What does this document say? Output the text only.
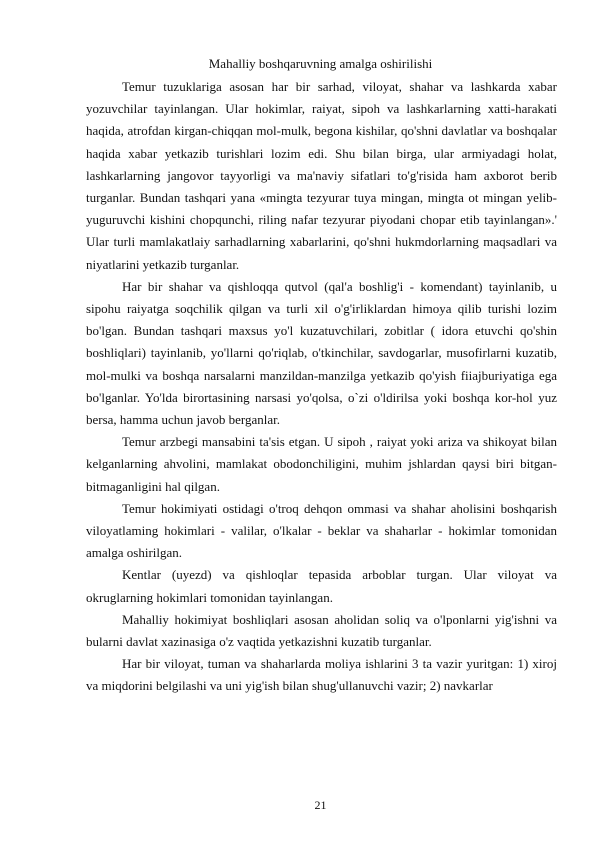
Mahalliy boshqaruvning amalga oshirilishi

Temur tuzuklariga asosan har bir sarhad, viloyat, shahar va lashkarda xabar yozuvchilar tayinlangan. Ular hokimlar, raiyat, sipoh va lashkarlarning xatti-harakati haqida, atrofdan kirgan-chiqqan mol-mulk, begona kishilar, qo'shni davlatlar va boshqalar haqida xabar yetkazib turishlari lozim edi. Shu bilan birga, ular armiyadagi holat, lashkarlarning jangovor tayyorligi va ma'naviy sifatlari to'g'risida ham axborot berib turganlar. Bundan tashqari yana «mingta tezyurar tuya mingan, mingta ot mingan yelib-yuguruvchi kishini chopqunchi, riling nafar tezyurar piyodani chopar etib tayinlangan».' Ular turli mamlakatlaiy sarhadlarning xabarlarini, qo'shni hukmdorlarning maqsadlari va niyatlarini yetkazib turganlar.

Har bir shahar va qishloqqa qutvol (qal'a boshlig'i - komendant) tayinlanib, u sipohu raiyatga soqchilik qilgan va turli xil o'g'irliklardan himoya qilib turishi lozim bo'lgan. Bundan tashqari maxsus yo'l kuzatuvchilari, zobitlar ( idora etuvchi qo'shin boshliqlari) tayinlanib, yo'llarni qo'riqlab, o'tkinchilar, savdogarlar, musofirlarni kuzatib, mol-mulki va boshqa narsalarni manzildan-manzilga yetkazib qo'yish fiiajburiyatiga ega bo'lganlar. Yo'lda birortasining narsasi yo'qolsa, o`zi o'ldirilsa yoki boshqa kor-hol yuz bersa, hamma uchun javob berganlar.

Temur arzbegi mansabini ta'sis etgan. U sipoh , raiyat yoki ariza va shikoyat bilan kelganlarning ahvolini, mamlakat obodonchiligini, muhim jshlardan qaysi biri bitgan-bitmaganligini hal qilgan.

Temur hokimiyati ostidagi o'troq dehqon ommasi va shahar aholisini boshqarish viloyatlaming hokimlari - valilar, o'lkalar - beklar va shaharlar - hokimlar tomonidan amalga oshirilgan.

Kentlar (uyezd) va qishloqlar tepasida arboblar turgan. Ular viloyat va okruglarning hokimlari tomonidan tayinlangan.

Mahalliy hokimiyat boshliqlari asosan aholidan soliq va o'lponlarni yig'ishni va bularni davlat xazinasiga o'z vaqtida yetkazishni kuzatib turganlar.

Har bir viloyat, tuman va shaharlarda moliya ishlarini 3 ta vazir yuritgan: 1) xiroj va miqdorini belgilashi va uni yig'ish bilan shug'ullanuvchi vazir; 2) navkarlar

21
